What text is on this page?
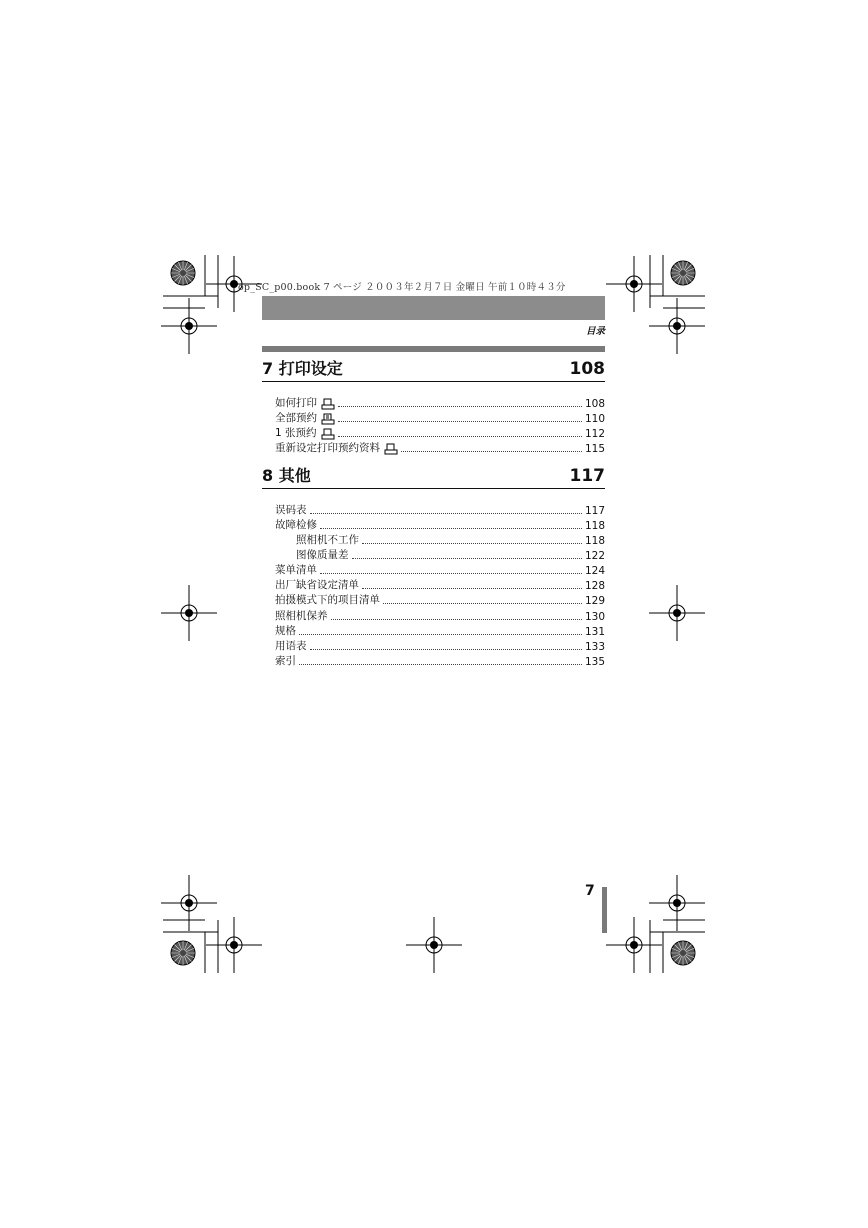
op_SC_p00.book 7 ページ ２００３年２月７日 金曜日 午前１０時４３分
目录
7 打印设定	108
如何打印	108
全部预约	110
1 张预约	112
重新设定打印预约资料	115
8 其他	117
误码表	117
故障检修	118
照相机不工作	118
图像质量差	122
菜单清单	124
出厂缺省设定清单	128
拍摄模式下的项目清单	129
照相机保养	130
规格	131
用语表	133
索引	135
7
